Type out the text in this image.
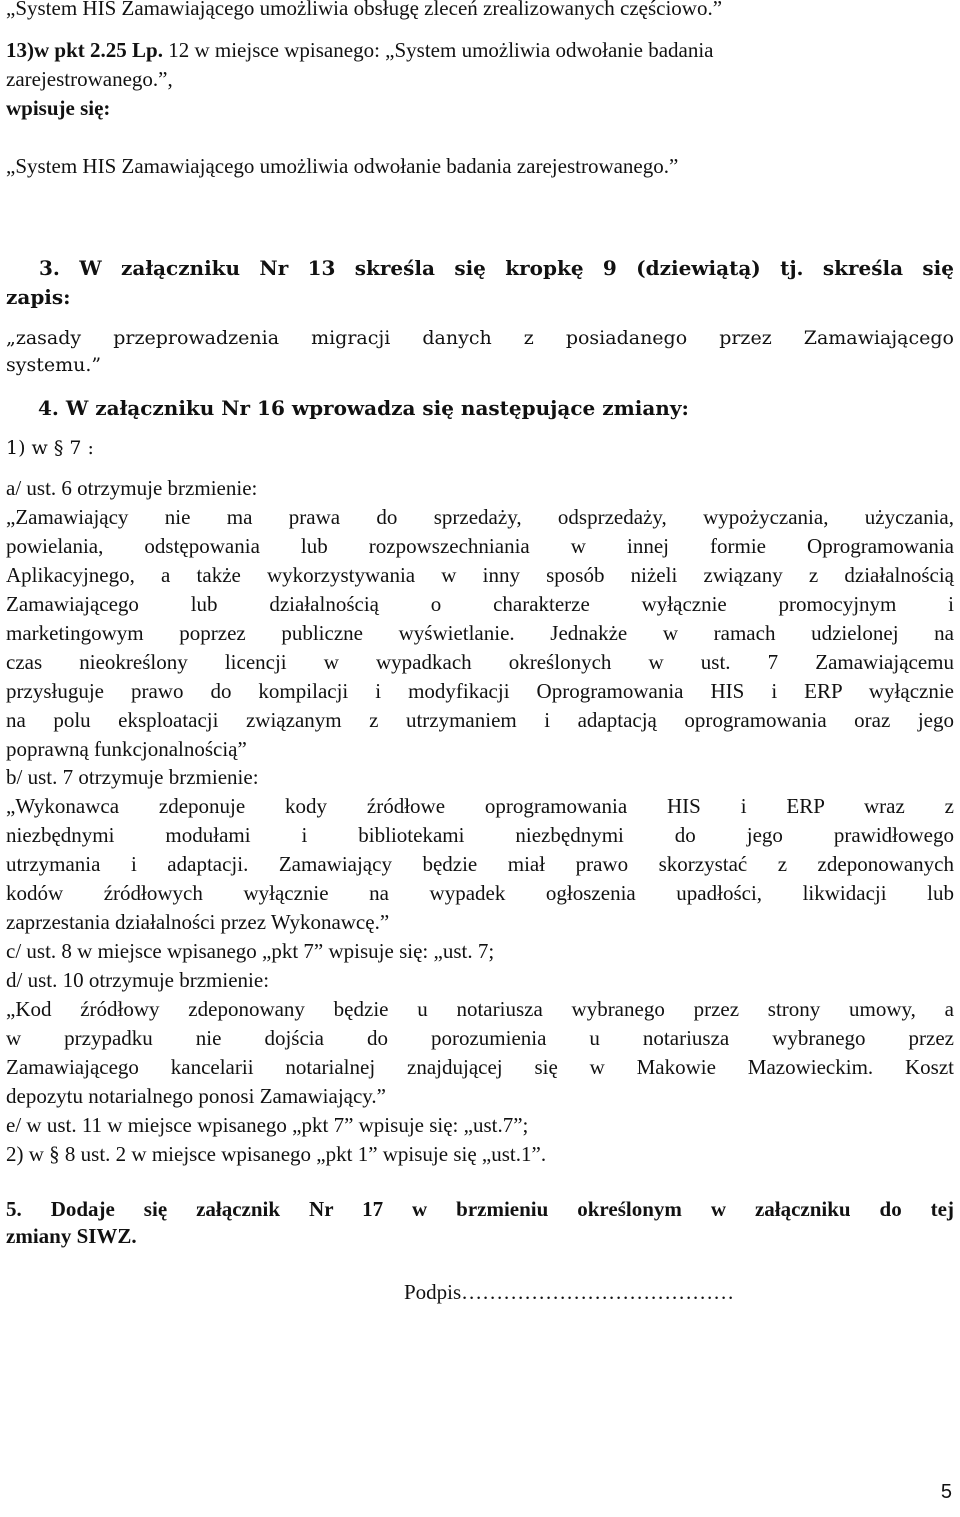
„System HIS Zamawiającego umożliwia obsługę zleceń zrealizowanych częściowo.”
13)w pkt 2.25 Lp. 12 w miejsce wpisanego: „System umożliwia odwołanie badania
zarejestrowanego.”,
wpisuje się:
„System HIS Zamawiającego umożliwia odwołanie badania zarejestrowanego.”
3. W załączniku Nr 13 skreśla się kropkę 9 (dziewiątą) tj. skreśla się
zapis:
„zasady przeprowadzenia migracji danych z posiadanego przez Zamawiającego
systemu.”
4. W załączniku Nr 16 wprowadza się następujące zmiany:
1) w § 7 :
a/ ust. 6 otrzymuje brzmienie:
„Zamawiający nie ma prawa do sprzedaży, odsprzedaży, wypożyczania, użyczania,
powielania, odstępowania lub rozpowszechniania w innej formie Oprogramowania
Aplikacyjnego, a także wykorzystywania w inny sposób niżeli związany z działalnością
Zamawiającego lub działalnością o charakterze wyłącznie promocyjnym i
marketingowym poprzez publiczne wyświetlanie. Jednakże w ramach udzielonej na
czas nieokreślony licencji w wypadkach określonych w ust. 7 Zamawiającemu
przysługuje prawo do kompilacji i modyfikacji Oprogramowania HIS i ERP wyłącznie
na polu eksploatacji związanym z utrzymaniem i adaptacją oprogramowania oraz jego
poprawną funkcjonalnością”
b/ ust. 7 otrzymuje brzmienie:
„Wykonawca zdeponuje kody źródłowe oprogramowania HIS i ERP wraz z
niezbędnymi modułami i bibliotekami niezbędnymi do jego prawidłowego
utrzymania i adaptacji. Zamawiający będzie miał prawo skorzystać z zdeponowanych
kodów źródłowych wyłącznie na wypadek ogłoszenia upadłości, likwidacji lub
zaprzestania działalności przez Wykonawcę.”
c/ ust. 8 w miejsce wpisanego „pkt 7” wpisuje się: „ust. 7;
d/ ust. 10 otrzymuje brzmienie:
„Kod źródłowy zdeponowany będzie u notariusza wybranego przez strony umowy, a
w przypadku nie dojścia do porozumienia u notariusza wybranego przez
Zamawiającego kancelarii notarialnej znajdującej się w Makowie Mazowieckim. Koszt
depozytu notarialnego ponosi Zamawiający.”
e/ w ust. 11 w miejsce wpisanego „pkt 7” wpisuje się: „ust.7”;
2) w § 8 ust. 2 w miejsce wpisanego „pkt 1” wpisuje się „ust.1”.
5. Dodaje się załącznik Nr 17 w brzmieniu określonym w załączniku do tej
zmiany SIWZ.
Podpis…………………………………
5
